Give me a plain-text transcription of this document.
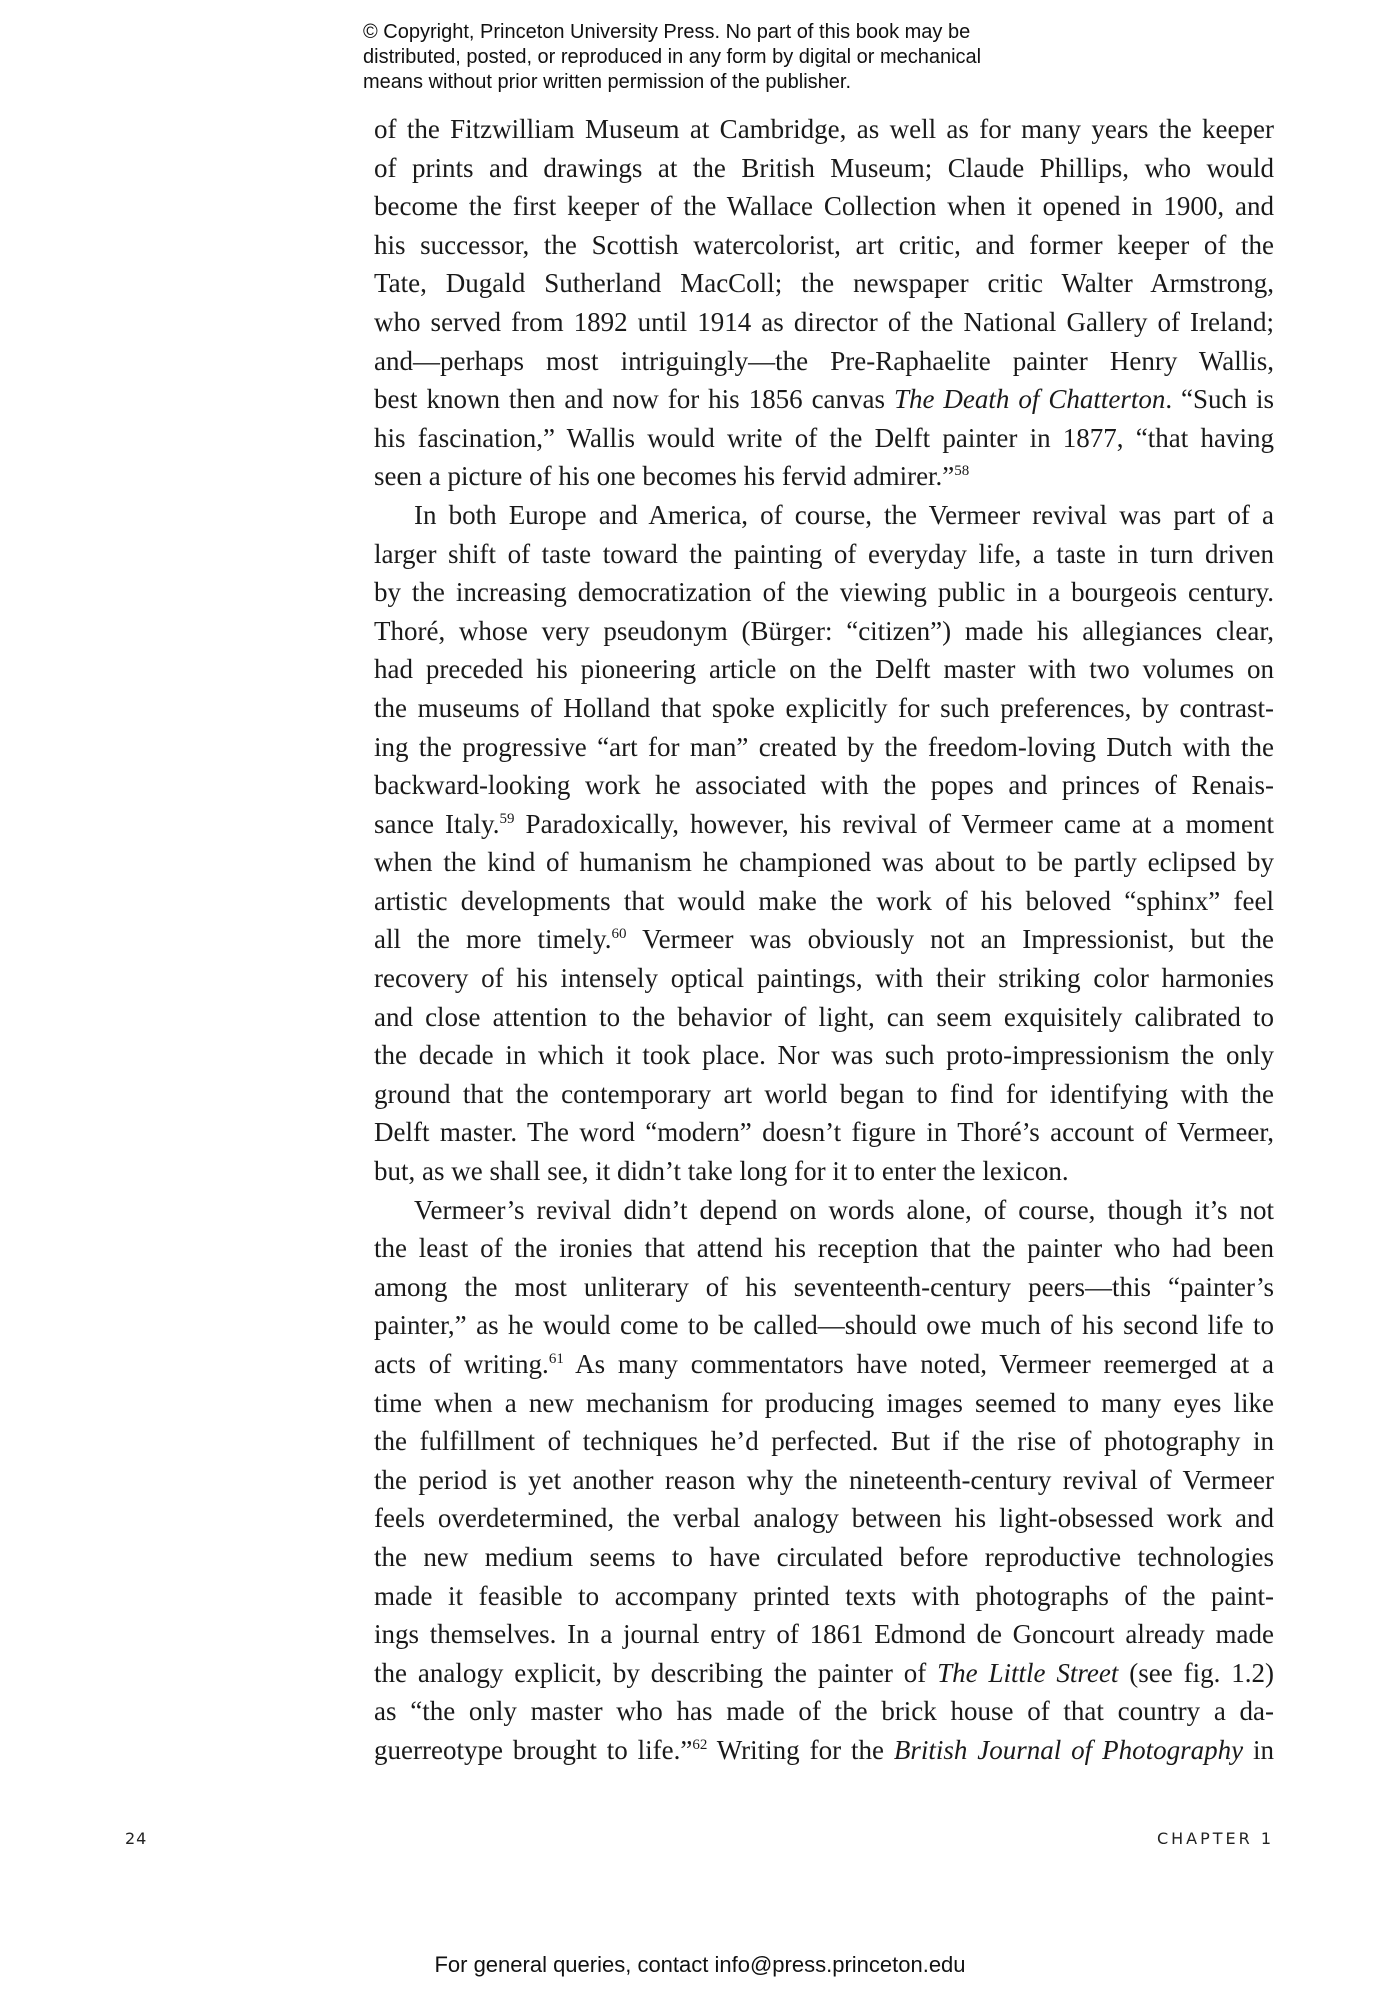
© Copyright, Princeton University Press. No part of this book may be
distributed, posted, or reproduced in any form by digital or mechanical
means without prior written permission of the publisher.
of the Fitzwilliam Museum at Cambridge, as well as for many years the keeper
of prints and drawings at the British Museum; Claude Phillips, who would
become the first keeper of the Wallace Collection when it opened in 1900, and
his successor, the Scottish watercolorist, art critic, and former keeper of the
Tate, Dugald Sutherland MacColl; the newspaper critic Walter Armstrong,
who served from 1892 until 1914 as director of the National Gallery of Ireland;
and—perhaps most intriguingly—the Pre-Raphaelite painter Henry Wallis,
best known then and now for his 1856 canvas The Death of Chatterton. “Such is
his fascination,” Wallis would write of the Delft painter in 1877, “that having
seen a picture of his one becomes his fervid admirer.”$^{58}$
In both Europe and America, of course, the Vermeer revival was part of a
larger shift of taste toward the painting of everyday life, a taste in turn driven
by the increasing democratization of the viewing public in a bourgeois century.
Thoré, whose very pseudonym (Bürger: “citizen”) made his allegiances clear,
had preceded his pioneering article on the Delft master with two volumes on
the museums of Holland that spoke explicitly for such preferences, by contrast-
ing the progressive “art for man” created by the freedom-loving Dutch with the
backward-looking work he associated with the popes and princes of Renais-
sance Italy.$^{59}$ Paradoxically, however, his revival of Vermeer came at a moment
when the kind of humanism he championed was about to be partly eclipsed by
artistic developments that would make the work of his beloved “sphinx” feel
all the more timely.$^{60}$ Vermeer was obviously not an Impressionist, but the
recovery of his intensely optical paintings, with their striking color harmonies
and close attention to the behavior of light, can seem exquisitely calibrated to
the decade in which it took place. Nor was such proto-impressionism the only
ground that the contemporary art world began to find for identifying with the
Delft master. The word “modern” doesn’t figure in Thoré’s account of Vermeer,
but, as we shall see, it didn’t take long for it to enter the lexicon.
Vermeer’s revival didn’t depend on words alone, of course, though it’s not
the least of the ironies that attend his reception that the painter who had been
among the most unliterary of his seventeenth-century peers—this “painter’s
painter,” as he would come to be called—should owe much of his second life to
acts of writing.$^{61}$ As many commentators have noted, Vermeer reemerged at a
time when a new mechanism for producing images seemed to many eyes like
the fulfillment of techniques he’d perfected. But if the rise of photography in
the period is yet another reason why the nineteenth-century revival of Vermeer
feels overdetermined, the verbal analogy between his light-obsessed work and
the new medium seems to have circulated before reproductive technologies
made it feasible to accompany printed texts with photographs of the paint-
ings themselves. In a journal entry of 1861 Edmond de Goncourt already made
the analogy explicit, by describing the painter of The Little Street (see fig. 1.2)
as “the only master who has made of the brick house of that country a da-
guerreotype brought to life.”$^{62}$ Writing for the British Journal of Photography in
24	CHAPTER 1
For general queries, contact info@press.princeton.edu
